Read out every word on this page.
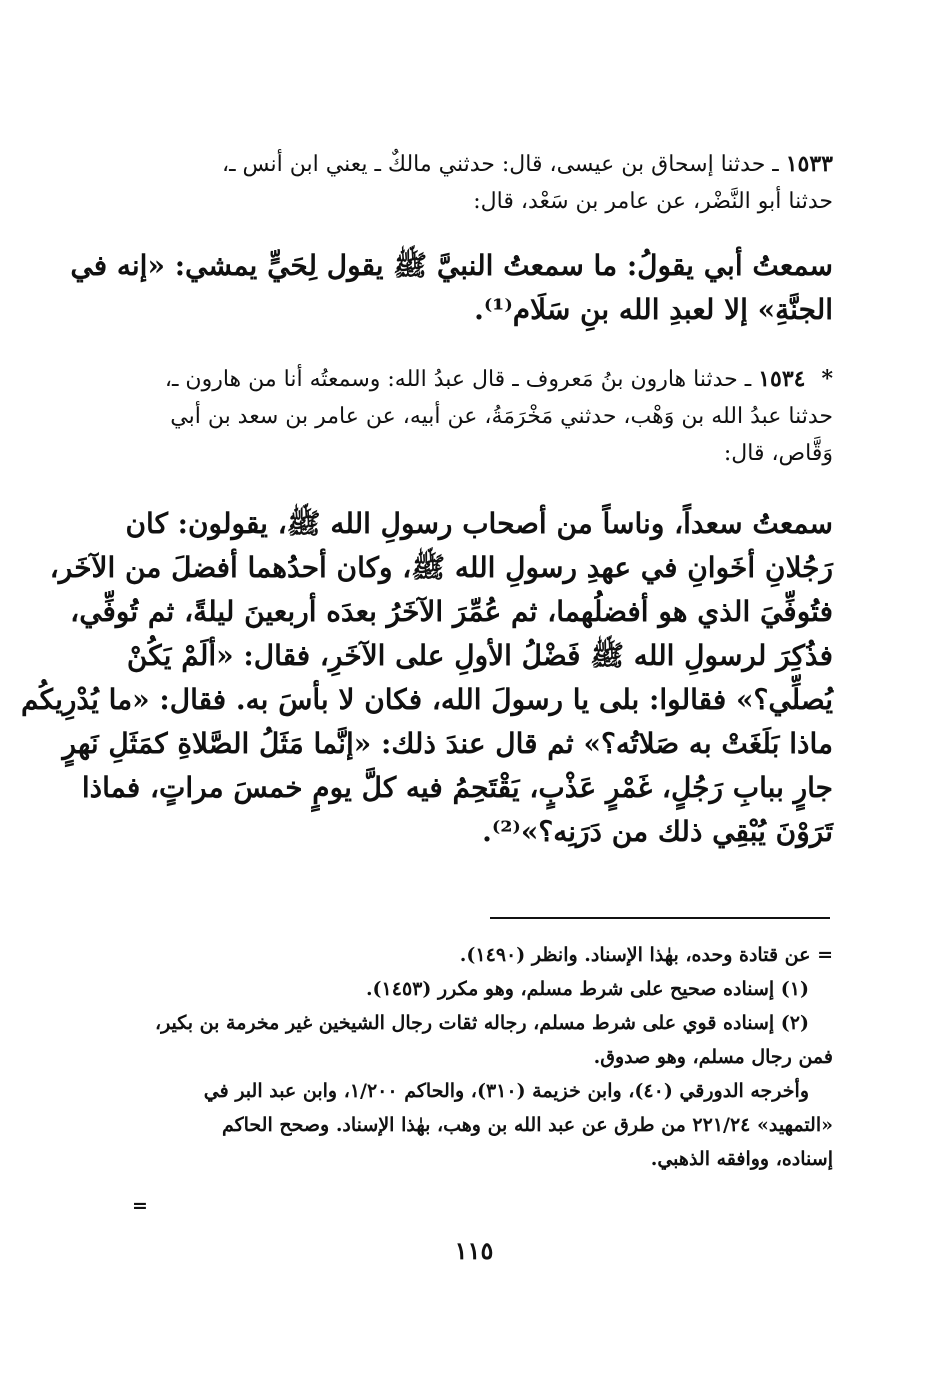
١٥٣٣ ـ حدثنا إسحاق بن عيسى، قال: حدثني مالكٌ ـ يعني ابن أنس ـ،
حدثنا أبو النَّضْر، عن عامر بن سَعْد، قال:
سمعتُ أبي يقولُ: ما سمعتُ النبيَّ ﷺ يقول لِحَيٍّ يمشي: «إنه في
الجنَّةِ» إلا لعبدِ الله بنِ سَلَام⁽¹⁾.
*١٥٣٤ ـ حدثنا هارون بنُ مَعروف ـ قال عبدُ الله: وسمعتُه أنا من هارون ـ،
حدثنا عبدُ الله بن وَهْب، حدثني مَخْرَمَةُ، عن أبيه، عن عامر بن سعد بن أبي
وَقَّاص، قال:
سمعتُ سعداً، وناساً من أصحاب رسولِ الله ﷺ، يقولون: كان
رَجُلانِ أخَوانِ في عهدِ رسولِ الله ﷺ، وكان أحدُهما أفضلَ من الآخَر،
فتُوفِّيَ الذي هو أفضلُهما، ثم عُمِّرَ الآخَرُ بعدَه أربعينَ ليلةً، ثم تُوفِّي،
فذُكِرَ لرسولِ الله ﷺ فَضْلُ الأولِ على الآخَرِ، فقال: «ألَمْ يَكُنْ
يُصلِّي؟» فقالوا: بلى يا رسولَ الله، فكان لا بأسَ به. فقال: «ما يُدْرِيكُم
ماذا بَلَغَتْ به صَلاتُه؟» ثم قال عندَ ذلك: «إنَّما مَثَلُ الصَّلاةِ كمَثَلِ نَهرٍ
جارٍ ببابِ رَجُلٍ، غَمْرٍ عَذْبٍ، يَقْتَحِمُ فيه كلَّ يومٍ خمسَ مراتٍ، فماذا
تَرَوْنَ يُبْقِي ذلك من دَرَنِه؟»⁽²⁾.
= عن قتادة وحده، بهٰذا الإسناد. وانظر (١٤٩٠).
(١) إسناده صحيح على شرط مسلم، وهو مكرر (١٤٥٣).
(٢) إسناده قوي على شرط مسلم، رجاله ثقات رجال الشيخين غير مخرمة بن بكير،
فمن رجال مسلم، وهو صدوق.
وأخرجه الدورقي (٤٠)، وابن خزيمة (٣١٠)، والحاكم ١/٢٠٠، وابن عبد البر في
«التمهيد» ٢٢١/٢٤ من طرق عن عبد الله بن وهب، بهٰذا الإسناد. وصحح الحاكم
إسناده، ووافقه الذهبي.
=
١١٥
